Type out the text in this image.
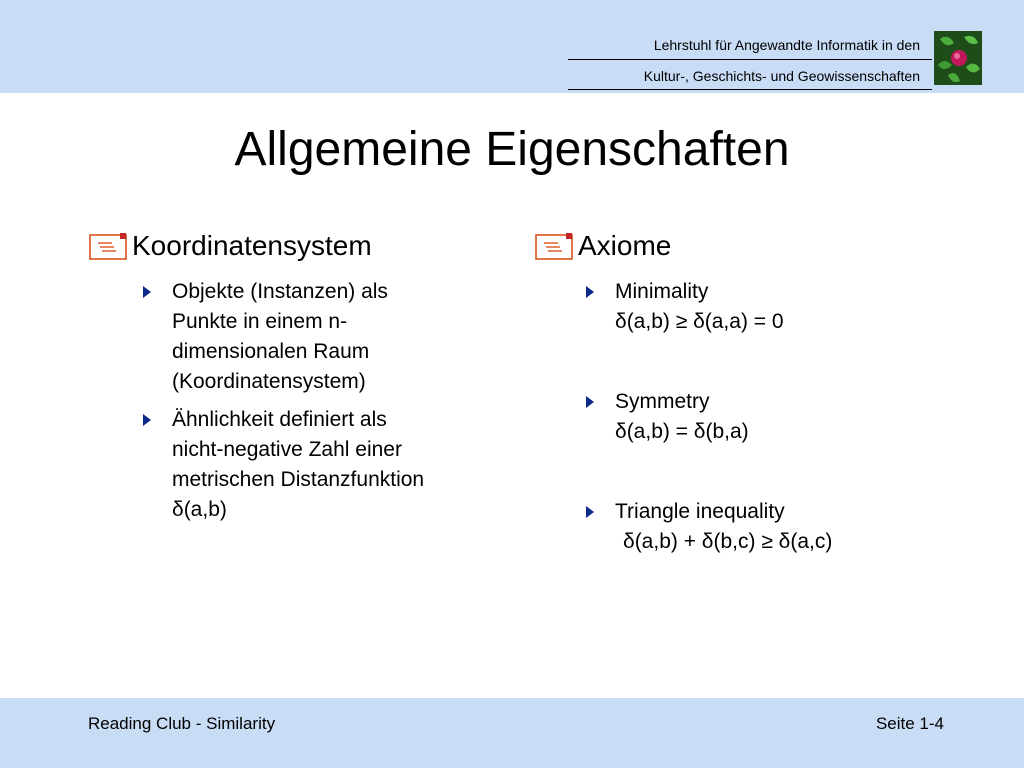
Lehrstuhl für Angewandte Informatik in den
Kultur-, Geschichts- und Geowissenschaften
Allgemeine Eigenschaften
Koordinatensystem
Objekte (Instanzen) als
Punkte in einem n-
dimensionalen Raum
(Koordinatensystem)
Ähnlichkeit definiert als
nicht-negative Zahl einer
metrischen Distanzfunktion
δ(a,b)
Axiome
Minimality
δ(a,b) ≥ δ(a,a) = 0
Symmetry
δ(a,b) = δ(b,a)
Triangle inequality
δ(a,b) + δ(b,c) ≥ δ(a,c)
Reading Club - Similarity	Seite 1-4
